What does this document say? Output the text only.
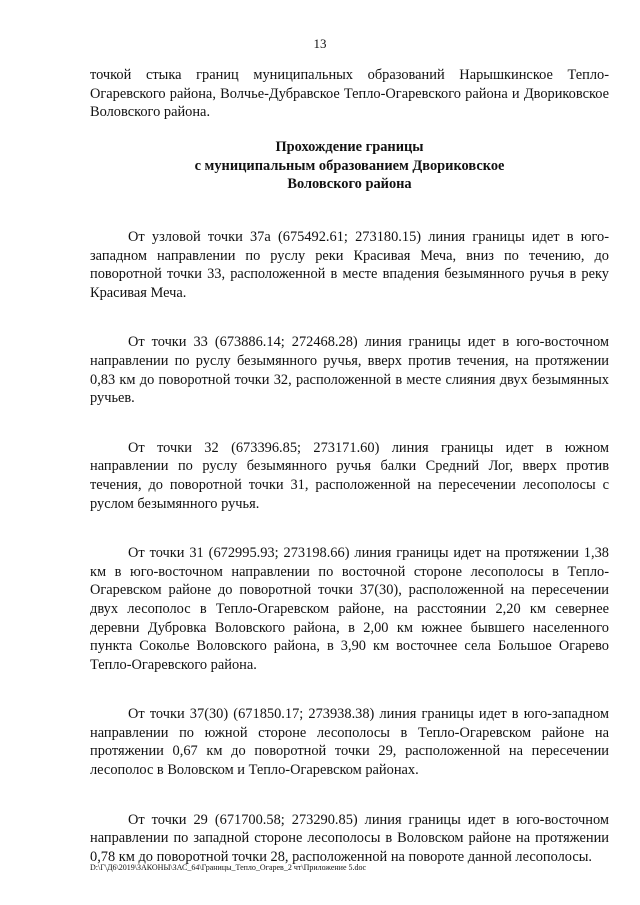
13

точкой стыка границ муниципальных образований Нарышкинское Тепло-Огаревского района, Волчье-Дубравское Тепло-Огаревского района и Двориковское Воловского района.

Прохождение границы
с муниципальным образованием Двориковское
Воловского района

От узловой точки 37а (675492.61; 273180.15) линия границы идет в юго-западном направлении по руслу реки Красивая Меча, вниз по течению, до поворотной точки 33, расположенной в месте впадения безымянного ручья в реку Красивая Меча.

От точки 33 (673886.14; 272468.28) линия границы идет в юго-восточном направлении по руслу безымянного ручья, вверх против течения, на протяжении 0,83 км до поворотной точки 32, расположенной в месте слияния двух безымянных ручьев.

От точки 32 (673396.85; 273171.60) линия границы идет в южном направлении по руслу безымянного ручья балки Средний Лог, вверх против течения, до поворотной точки 31, расположенной на пересечении лесополосы с руслом безымянного ручья.

От точки 31 (672995.93; 273198.66) линия границы идет на протяжении 1,38 км в юго-восточном направлении по восточной стороне лесополосы в Тепло-Огаревском районе до поворотной точки 37(30), расположенной на пересечении двух лесополос в Тепло-Огаревском районе, на расстоянии 2,20 км севернее деревни Дубровка Воловского района, в 2,00 км южнее бывшего населенного пункта Соколье Воловского района, в 3,90 км восточнее села Большое Огарево Тепло-Огаревского района.

От точки 37(30) (671850.17; 273938.38) линия границы идет в юго-западном направлении по южной стороне лесополосы в Тепло-Огаревском районе на протяжении 0,67 км до поворотной точки 29, расположенной на пересечении лесополос в Воловском и Тепло-Огаревском районах.

От точки 29 (671700.58; 273290.85) линия границы идет в юго-восточном направлении по западной стороне лесополосы в Воловском районе на протяжении 0,78 км до поворотной точки 28, расположенной на повороте данной лесополосы.

D:\Г\Д6\2019\ЗАКОНЫ\ЗАС_64\Границы_Тепло_Огарев_2 чт\Приложение 5.doc
